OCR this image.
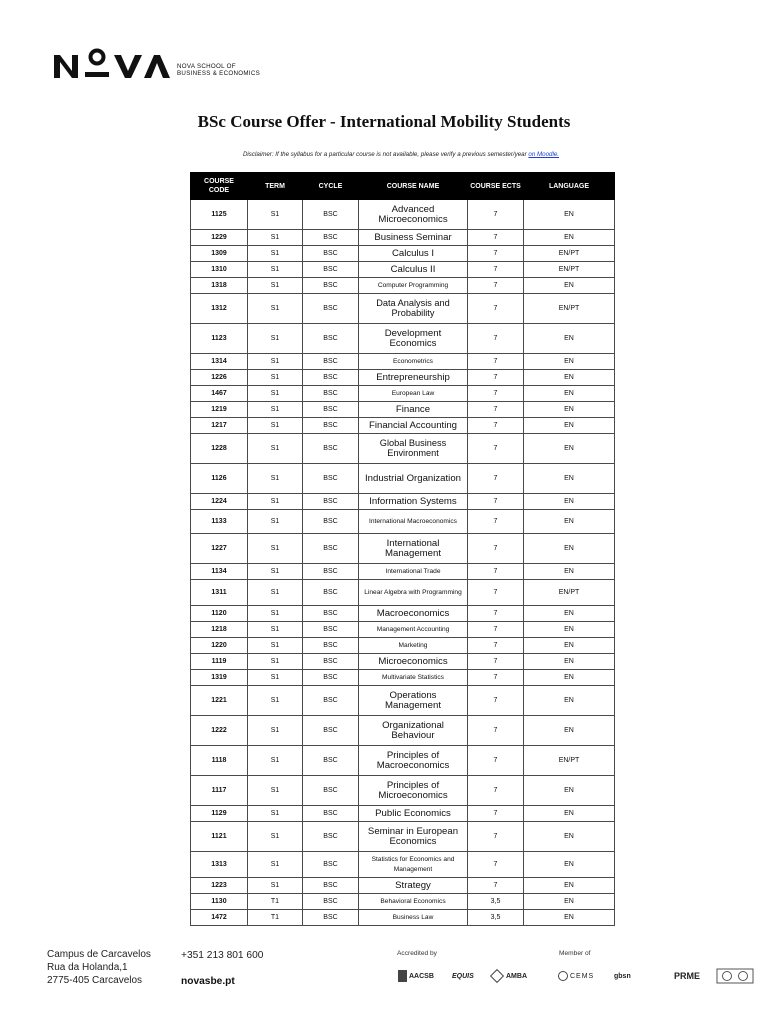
NOVA SCHOOL OF
BUSINESS & ECONOMICS
BSc Course Offer - International Mobility Students
Disclaimer: If the syllabus for a particular course is not available, please verify a previous semester/year on Moodle.
COURSE CODE	TERM	CYCLE	COURSE NAME	COURSE ECTS	LANGUAGE
1125	S1	BSC	Advanced Microeconomics	7	EN
1229	S1	BSC	Business Seminar	7	EN
1309	S1	BSC	Calculus I	7	EN/PT
1310	S1	BSC	Calculus II	7	EN/PT
1318	S1	BSC	Computer Programming	7	EN
1312	S1	BSC	Data Analysis and Probability	7	EN/PT
1123	S1	BSC	Development Economics	7	EN
1314	S1	BSC	Econometrics	7	EN
1226	S1	BSC	Entrepreneurship	7	EN
1467	S1	BSC	European Law	7	EN
1219	S1	BSC	Finance	7	EN
1217	S1	BSC	Financial Accounting	7	EN
1228	S1	BSC	Global Business Environment	7	EN
1126	S1	BSC	Industrial Organization	7	EN
1224	S1	BSC	Information Systems	7	EN
1133	S1	BSC	International Macroeconomics	7	EN
1227	S1	BSC	International Management	7	EN
1134	S1	BSC	International Trade	7	EN
1311	S1	BSC	Linear Algebra with Programming	7	EN/PT
1120	S1	BSC	Macroeconomics	7	EN
1218	S1	BSC	Management Accounting	7	EN
1220	S1	BSC	Marketing	7	EN
1119	S1	BSC	Microeconomics	7	EN
1319	S1	BSC	Multivariate Statistics	7	EN
1221	S1	BSC	Operations Management	7	EN
1222	S1	BSC	Organizational Behaviour	7	EN
1118	S1	BSC	Principles of Macroeconomics	7	EN/PT
1117	S1	BSC	Principles of Microeconomics	7	EN
1129	S1	BSC	Public Economics	7	EN
1121	S1	BSC	Seminar in European Economics	7	EN
1313	S1	BSC	Statistics for Economics and Management	7	EN
1223	S1	BSC	Strategy	7	EN
1130	T1	BSC	Behavioral Economics	3,5	EN
1472	T1	BSC	Business Law	3,5	EN
Campus de Carcavelos
Rua da Holanda,1
2775-405 Carcavelos
+351 213 801 600
novasbe.pt
Accredited by
AACSB	EQUIS	AMBA
Member of
CEMS	gbsn	PRME
